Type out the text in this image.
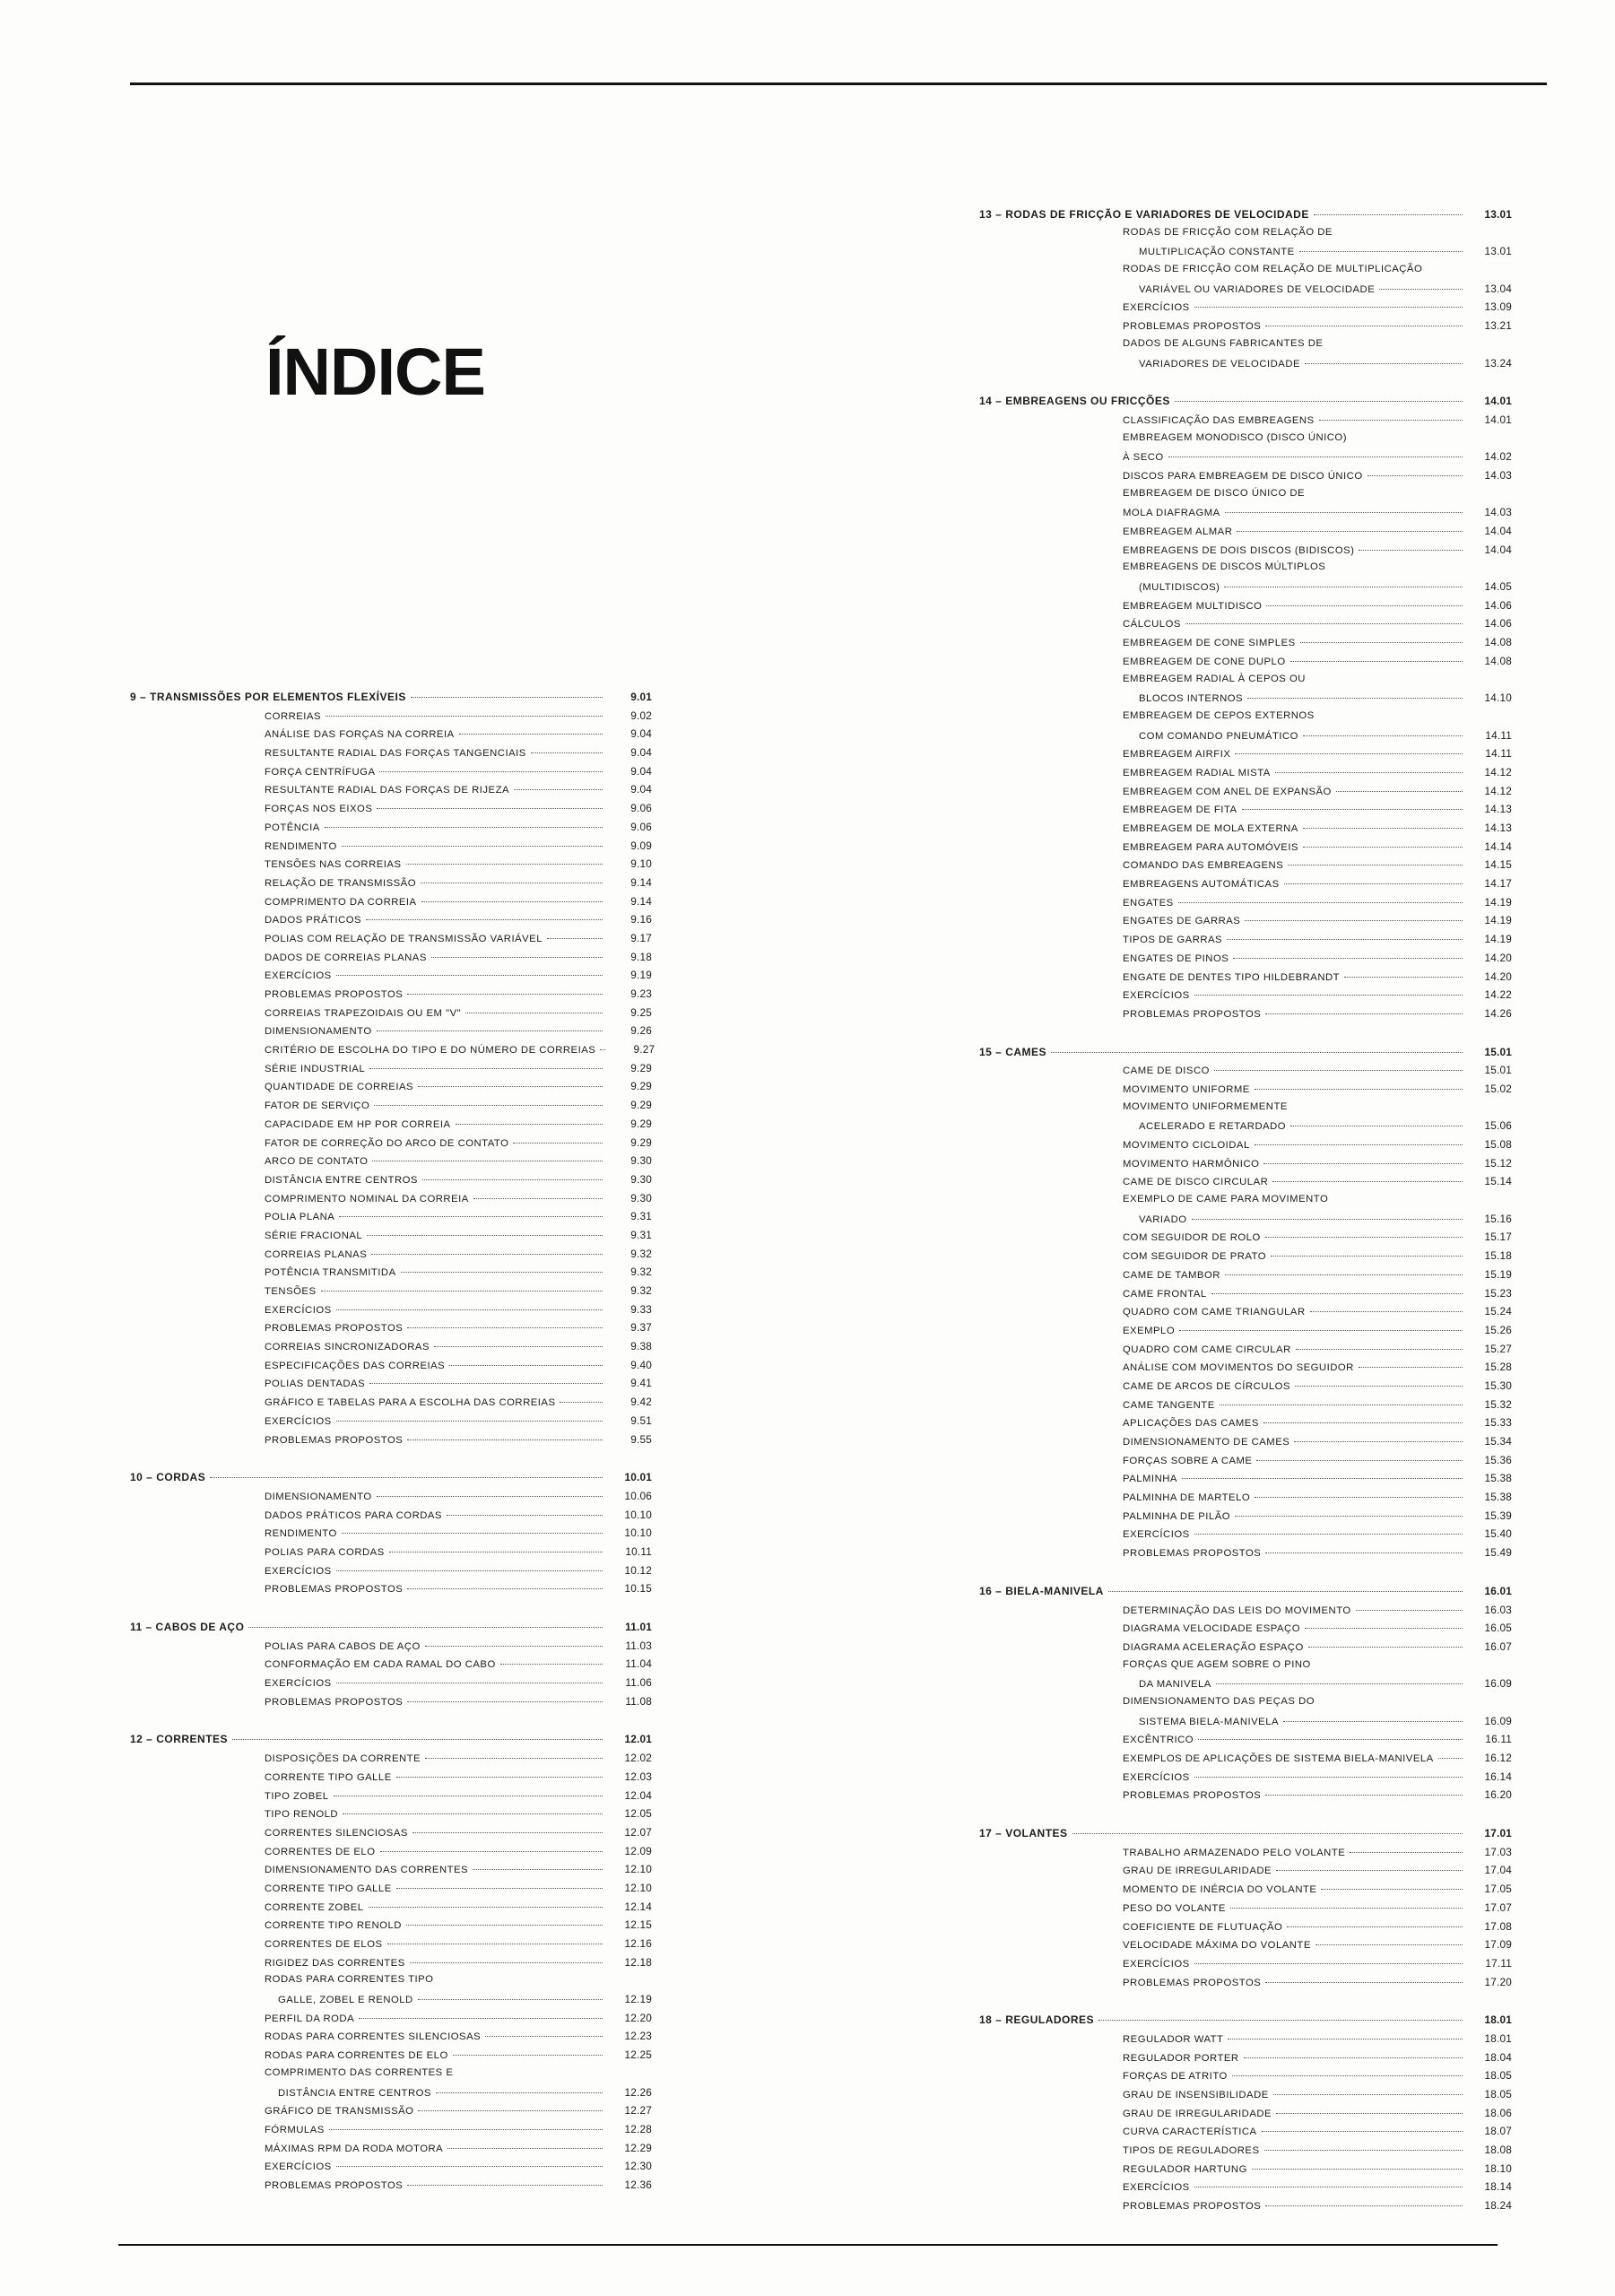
ÍNDICE
9 – TRANSMISSÕES POR ELEMENTOS FLEXÍVEIS	9.01
CORREIAS	9.02
ANÁLISE DAS FORÇAS NA CORREIA	9.04
RESULTANTE RADIAL DAS FORÇAS TANGENCIAIS	9.04
FORÇA CENTRÍFUGA	9.04
RESULTANTE RADIAL DAS FORÇAS DE RIJEZA	9.04
FORÇAS NOS EIXOS	9.06
POTÊNCIA	9.06
RENDIMENTO	9.09
TENSÕES NAS CORREIAS	9.10
RELAÇÃO DE TRANSMISSÃO	9.14
COMPRIMENTO DA CORREIA	9.14
DADOS PRÁTICOS	9.16
POLIAS COM RELAÇÃO DE TRANSMISSÃO VARIÁVEL	9.17
DADOS DE CORREIAS PLANAS	9.18
EXERCÍCIOS	9.19
PROBLEMAS PROPOSTOS	9.23
CORREIAS TRAPEZOIDAIS OU EM "V"	9.25
DIMENSIONAMENTO	9.26
CRITÉRIO DE ESCOLHA DO TIPO E DO NÚMERO DE CORREIAS	9.27
SÉRIE INDUSTRIAL	9.29
QUANTIDADE DE CORREIAS	9.29
FATOR DE SERVIÇO	9.29
CAPACIDADE EM HP POR CORREIA	9.29
FATOR DE CORREÇÃO DO ARCO DE CONTATO	9.29
ARCO DE CONTATO	9.30
DISTÂNCIA ENTRE CENTROS	9.30
COMPRIMENTO NOMINAL DA CORREIA	9.30
POLIA PLANA	9.31
SÉRIE FRACIONAL	9.31
CORREIAS PLANAS	9.32
POTÊNCIA TRANSMITIDA	9.32
TENSÕES	9.32
EXERCÍCIOS	9.33
PROBLEMAS PROPOSTOS	9.37
CORREIAS SINCRONIZADORAS	9.38
ESPECIFICAÇÕES DAS CORREIAS	9.40
POLIAS DENTADAS	9.41
GRÁFICO E TABELAS PARA A ESCOLHA DAS CORREIAS	9.42
EXERCÍCIOS	9.51
PROBLEMAS PROPOSTOS	9.55
10 – CORDAS	10.01
DIMENSIONAMENTO	10.06
DADOS PRÁTICOS PARA CORDAS	10.10
RENDIMENTO	10.10
POLIAS PARA CORDAS	10.11
EXERCÍCIOS	10.12
PROBLEMAS PROPOSTOS	10.15
11 – CABOS DE AÇO	11.01
POLIAS PARA CABOS DE AÇO	11.03
CONFORMAÇÃO EM CADA RAMAL DO CABO	11.04
EXERCÍCIOS	11.06
PROBLEMAS PROPOSTOS	11.08
12 – CORRENTES	12.01
DISPOSIÇÕES DA CORRENTE	12.02
CORRENTE TIPO GALLE	12.03
TIPO ZOBEL	12.04
TIPO RENOLD	12.05
CORRENTES SILENCIOSAS	12.07
CORRENTES DE ELO	12.09
DIMENSIONAMENTO DAS CORRENTES	12.10
CORRENTE TIPO GALLE	12.10
CORRENTE ZOBEL	12.14
CORRENTE TIPO RENOLD	12.15
CORRENTES DE ELOS	12.16
RIGIDEZ DAS CORRENTES	12.18
RODAS PARA CORRENTES TIPO
GALLE, ZOBEL E RENOLD	12.19
PERFIL DA RODA	12.20
RODAS PARA CORRENTES SILENCIOSAS	12.23
RODAS PARA CORRENTES DE ELO	12.25
COMPRIMENTO DAS CORRENTES E
DISTÂNCIA ENTRE CENTROS	12.26
GRÁFICO DE TRANSMISSÃO	12.27
FÓRMULAS	12.28
MÁXIMAS RPM DA RODA MOTORA	12.29
EXERCÍCIOS	12.30
PROBLEMAS PROPOSTOS	12.36
13 – RODAS DE FRICÇÃO E VARIADORES DE VELOCIDADE	13.01
RODAS DE FRICÇÃO COM RELAÇÃO DE
MULTIPLICAÇÃO CONSTANTE	13.01
RODAS DE FRICÇÃO COM RELAÇÃO DE MULTIPLICAÇÃO
VARIÁVEL OU VARIADORES DE VELOCIDADE	13.04
EXERCÍCIOS	13.09
PROBLEMAS PROPOSTOS	13.21
DADOS DE ALGUNS FABRICANTES DE
VARIADORES DE VELOCIDADE	13.24
14 – EMBREAGENS OU FRICÇÕES	14.01
CLASSIFICAÇÃO DAS EMBREAGENS	14.01
EMBREAGEM MONODISCO (DISCO ÚNICO)
À SECO	14.02
DISCOS PARA EMBREAGEM DE DISCO ÚNICO	14.03
EMBREAGEM DE DISCO ÚNICO DE
MOLA DIAFRAGMA	14.03
EMBREAGEM ALMAR	14.04
EMBREAGENS DE DOIS DISCOS (BIDISCOS)	14.04
EMBREAGENS DE DISCOS MÚLTIPLOS
(MULTIDISCOS)	14.05
EMBREAGEM MULTIDISCO	14.06
CÁLCULOS	14.06
EMBREAGEM DE CONE SIMPLES	14.08
EMBREAGEM DE CONE DUPLO	14.08
EMBREAGEM RADIAL À CEPOS OU
BLOCOS INTERNOS	14.10
EMBREAGEM DE CEPOS EXTERNOS
COM COMANDO PNEUMÁTICO	14.11
EMBREAGEM AIRFIX	14.11
EMBREAGEM RADIAL MISTA	14.12
EMBREAGEM COM ANEL DE EXPANSÃO	14.12
EMBREAGEM DE FITA	14.13
EMBREAGEM DE MOLA EXTERNA	14.13
EMBREAGEM PARA AUTOMÓVEIS	14.14
COMANDO DAS EMBREAGENS	14.15
EMBREAGENS AUTOMÁTICAS	14.17
ENGATES	14.19
ENGATES DE GARRAS	14.19
TIPOS DE GARRAS	14.19
ENGATES DE PINOS	14.20
ENGATE DE DENTES TIPO HILDEBRANDT	14.20
EXERCÍCIOS	14.22
PROBLEMAS PROPOSTOS	14.26
15 – CAMES	15.01
CAME DE DISCO	15.01
MOVIMENTO UNIFORME	15.02
MOVIMENTO UNIFORMEMENTE
ACELERADO E RETARDADO	15.06
MOVIMENTO CICLOIDAL	15.08
MOVIMENTO HARMÔNICO	15.12
CAME DE DISCO CIRCULAR	15.14
EXEMPLO DE CAME PARA MOVIMENTO
VARIADO	15.16
COM SEGUIDOR DE ROLO	15.17
COM SEGUIDOR DE PRATO	15.18
CAME DE TAMBOR	15.19
CAME FRONTAL	15.23
QUADRO COM CAME TRIANGULAR	15.24
EXEMPLO	15.26
QUADRO COM CAME CIRCULAR	15.27
ANÁLISE COM MOVIMENTOS DO SEGUIDOR	15.28
CAME DE ARCOS DE CÍRCULOS	15.30
CAME TANGENTE	15.32
APLICAÇÕES DAS CAMES	15.33
DIMENSIONAMENTO DE CAMES	15.34
FORÇAS SOBRE A CAME	15.36
PALMINHA	15.38
PALMINHA DE MARTELO	15.38
PALMINHA DE PILÃO	15.39
EXERCÍCIOS	15.40
PROBLEMAS PROPOSTOS	15.49
16 – BIELA-MANIVELA	16.01
DETERMINAÇÃO DAS LEIS DO MOVIMENTO	16.03
DIAGRAMA VELOCIDADE ESPAÇO	16.05
DIAGRAMA ACELERAÇÃO ESPAÇO	16.07
FORÇAS QUE AGEM SOBRE O PINO
DA MANIVELA	16.09
DIMENSIONAMENTO DAS PEÇAS DO
SISTEMA BIELA-MANIVELA	16.09
EXCÊNTRICO	16.11
EXEMPLOS DE APLICAÇÕES DE SISTEMA BIELA-MANIVELA	16.12
EXERCÍCIOS	16.14
PROBLEMAS PROPOSTOS	16.20
17 – VOLANTES	17.01
TRABALHO ARMAZENADO PELO VOLANTE	17.03
GRAU DE IRREGULARIDADE	17.04
MOMENTO DE INÉRCIA DO VOLANTE	17.05
PESO DO VOLANTE	17.07
COEFICIENTE DE FLUTUAÇÃO	17.08
VELOCIDADE MÁXIMA DO VOLANTE	17.09
EXERCÍCIOS	17.11
PROBLEMAS PROPOSTOS	17.20
18 – REGULADORES	18.01
REGULADOR WATT	18.01
REGULADOR PORTER	18.04
FORÇAS DE ATRITO	18.05
GRAU DE INSENSIBILIDADE	18.05
GRAU DE IRREGULARIDADE	18.06
CURVA CARACTERÍSTICA	18.07
TIPOS DE REGULADORES	18.08
REGULADOR HARTUNG	18.10
EXERCÍCIOS	18.14
PROBLEMAS PROPOSTOS	18.24
